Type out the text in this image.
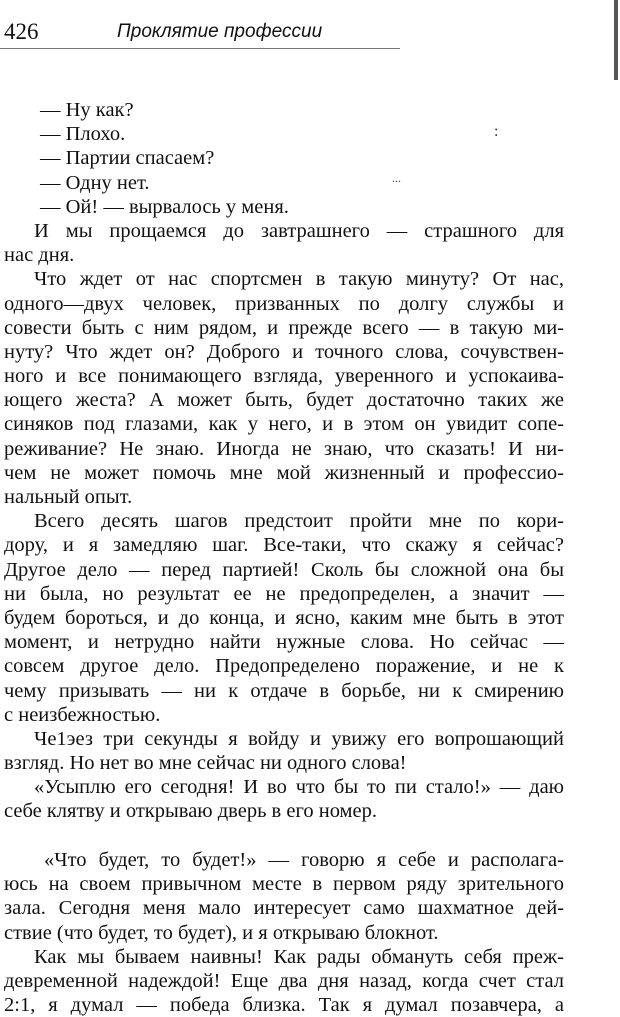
426	Проклятие профессии
:
...
— Ну как?
— Плохо.
— Партии спасаем?
— Одну нет.
— Ой! — вырвалось у меня.
И мы прощаемся до завтрашнего — страшного для
нас дня.
Что ждет от нас спортсмен в такую минуту? От нас,
одного—двух человек, призванных по долгу службы и
совести быть с ним рядом, и прежде всего — в такую ми-
нуту? Что ждет он? Доброго и точного слова, сочувствен-
ного и все понимающего взгляда, уверенного и успокаива-
ющего жеста? А может быть, будет достаточно таких же
синяков под глазами, как у него, и в этом он увидит сопе-
реживание? Не знаю. Иногда не знаю, что сказать! И ни-
чем не может помочь мне мой жизненный и профессио-
нальный опыт.
Всего десять шагов предстоит пройти мне по кори-
дору, и я замедляю шаг. Все-таки, что скажу я сейчас?
Другое дело — перед партией! Сколь бы сложной она бы
ни была, но результат ее не предопределен, а значит —
будем бороться, и до конца, и ясно, каким мне быть в этот
момент, и нетрудно найти нужные слова. Но сейчас —
совсем другое дело. Предопределено поражение, и не к
чему призывать — ни к отдаче в борьбе, ни к смирению
с неизбежностью.
Че1эез три секунды я войду и увижу его вопрошающий
взгляд. Но нет во мне сейчас ни одного слова!
«Усыплю его сегодня! И во что бы то пи стало!» — даю
себе клятву и открываю дверь в его номер.
«Что будет, то будет!» — говорю я себе и располага-
юсь на своем привычном месте в первом ряду зрительного
зала. Сегодня меня мало интересует само шахматное дей-
ствие (что будет, то будет), и я открываю блокнот.
Как мы бываем наивны! Как рады обмануть себя преж-
девременной надеждой! Еще два дня назад, когда счет стал
2:1, я думал — победа близка. Так я думал позавчера, а
